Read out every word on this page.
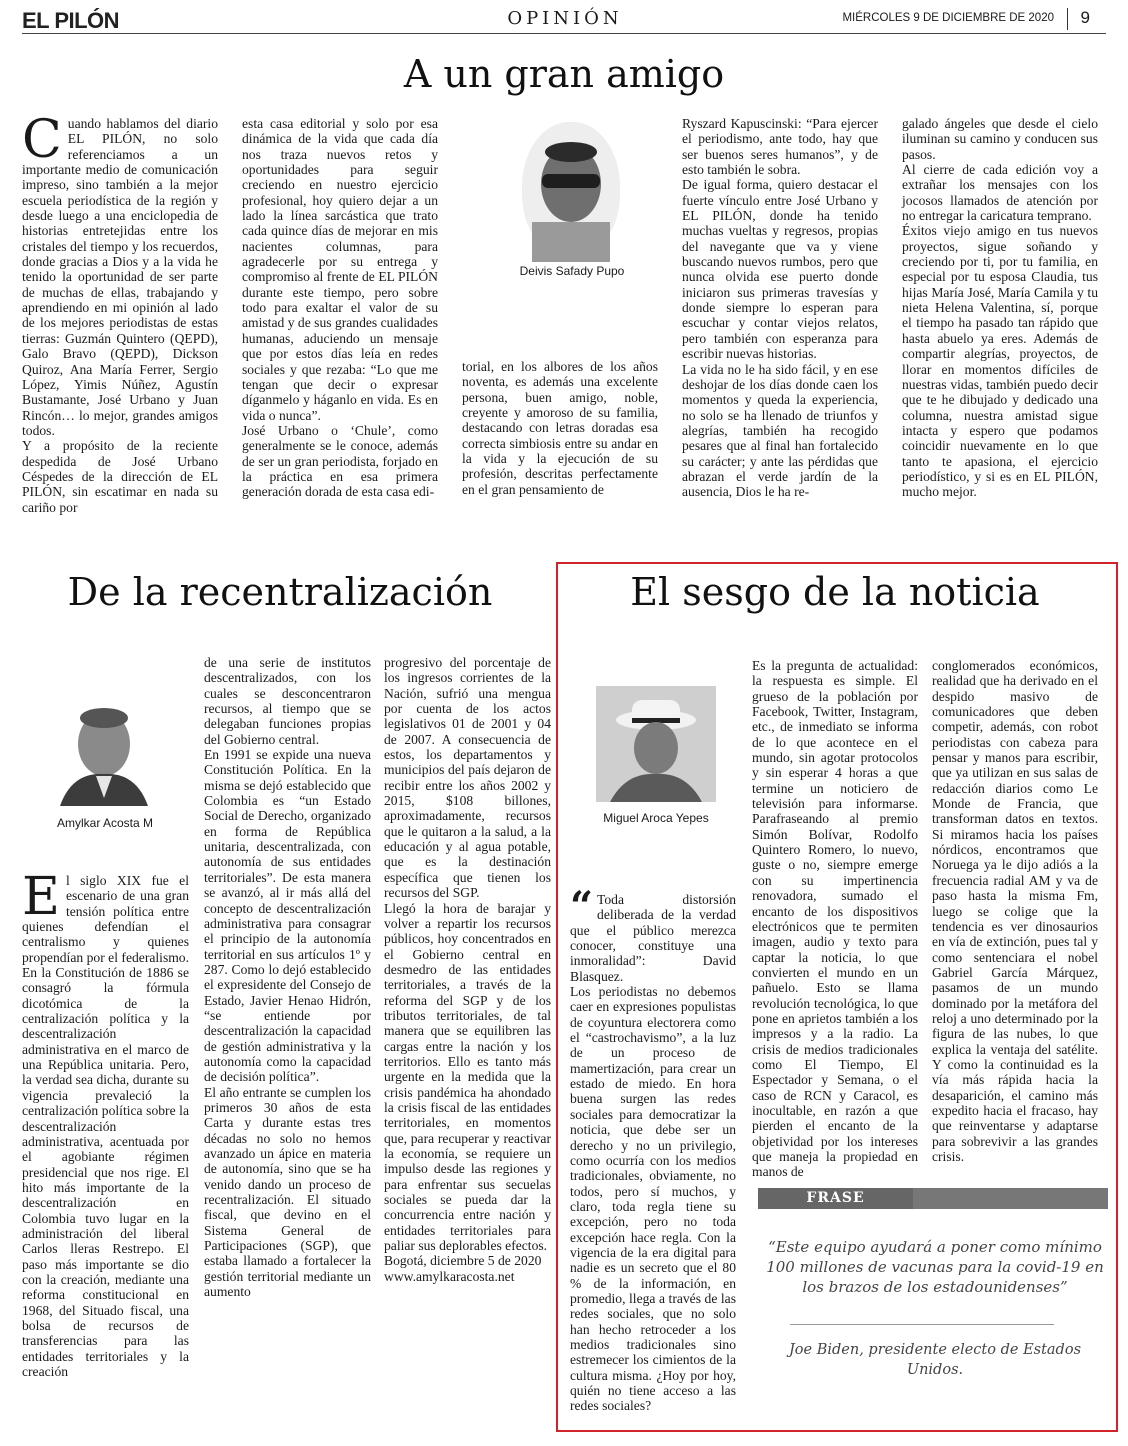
EL PILÓN	OPINIÓN	MIÉRCOLES 9 DE DICIEMBRE DE 2020 9
A un gran amigo
C uando hablamos del diario EL PILÓN, no solo referenciamos a un importante medio de comunicación impreso, sino también a la mejor escuela periodística de la región y desde luego a una enciclopedia de historias entretejidas entre los cristales del tiempo y los recuerdos, donde gracias a Dios y a la vida he tenido la oportunidad de ser parte de muchas de ellas, trabajando y aprendiendo en mi opinión al lado de los mejores periodistas de estas tierras: Guzmán Quintero (QEPD), Galo Bravo (QEPD), Dickson Quiroz, Ana María Ferrer, Sergio López, Yimis Núñez, Agustín Bustamante, José Urbano y Juan Rincón… lo mejor, grandes amigos todos.

Y a propósito de la reciente despedida de José Urbano Céspedes de la dirección de EL PILÓN, sin escatimar en nada su cariño por

esta casa editorial y solo por esa dinámica de la vida que cada día nos traza nuevos retos y oportunidades para seguir creciendo en nuestro ejercicio profesional, hoy quiero dejar a un lado la línea sarcástica que trato cada quince días de mejorar en mis nacientes columnas, para agradecerle por su entrega y compromiso al frente de EL PILÓN durante este tiempo, pero sobre todo para exaltar el valor de su amistad y de sus grandes cualidades humanas, aduciendo un mensaje que por estos días leía en redes sociales y que rezaba: “Lo que me tengan que decir o expresar díganmelo y háganlo en vida. Es en vida o nunca”.

José Urbano o ‘Chule’, como generalmente se le conoce, además de ser un gran periodista, forjado en la práctica en esa primera generación dorada de esta casa edi-

Deivis Safady Pupo

torial, en los albores de los años noventa, es además una excelente persona, buen amigo, noble, creyente y amoroso de su familia, destacando con letras doradas esa correcta simbiosis entre su andar en la vida y la ejecución de su profesión, descritas perfectamente en el gran pensamiento de

Ryszard Kapuscinski: “Para ejercer el periodismo, ante todo, hay que ser buenos seres humanos”, y de esto también le sobra.

De igual forma, quiero destacar el fuerte vínculo entre José Urbano y EL PILÓN, donde ha tenido muchas vueltas y regresos, propias del navegante que va y viene buscando nuevos rumbos, pero que nunca olvida ese puerto donde iniciaron sus primeras travesías y donde siempre lo esperan para escuchar y contar viejos relatos, pero también con esperanza para escribir nuevas historias.

La vida no le ha sido fácil, y en ese deshojar de los días donde caen los momentos y queda la experiencia, no solo se ha llenado de triunfos y alegrías, también ha recogido pesares que al final han fortalecido su carácter; y ante las pérdidas que abrazan el verde jardín de la ausencia, Dios le ha re-

galado ángeles que desde el cielo iluminan su camino y conducen sus pasos.

Al cierre de cada edición voy a extrañar los mensajes con los jocosos llamados de atención por no entregar la caricatura temprano.

Éxitos viejo amigo en tus nuevos proyectos, sigue soñando y creciendo por ti, por tu familia, en especial por tu esposa Claudia, tus hijas María José, María Camila y tu nieta Helena Valentina, sí, porque el tiempo ha pasado tan rápido que hasta abuelo ya eres. Además de compartir alegrías, proyectos, de llorar en momentos difíciles de nuestras vidas, también puedo decir que te he dibujado y dedicado una columna, nuestra amistad sigue intacta y espero que podamos coincidir nuevamente en lo que tanto te apasiona, el ejercicio periodístico, y si es en EL PILÓN, mucho mejor.

De la recentralización
Amylkar Acosta M
E l siglo XIX fue el escenario de una gran tensión política entre quienes defendían el centralismo y quienes propendían por el federalismo. En la Constitución de 1886 se consagró la fórmula dicotómica de la centralización política y la descentralización administrativa en el marco de una República unitaria. Pero, la verdad sea dicha, durante su vigencia prevaleció la centralización política sobre la descentralización administrativa, acentuada por el agobiante régimen presidencial que nos rige. El hito más importante de la descentralización en Colombia tuvo lugar en la administración del liberal Carlos lleras Restrepo. El paso más importante se dio con la creación, mediante una reforma constitucional en 1968, del Situado fiscal, una bolsa de recursos de transferencias para las entidades territoriales y la creación

de una serie de institutos descentralizados, con los cuales se desconcentraron recursos, al tiempo que se delegaban funciones propias del Gobierno central.

En 1991 se expide una nueva Constitución Política. En la misma se dejó establecido que Colombia es “un Estado Social de Derecho, organizado en forma de República unitaria, descentralizada, con autonomía de sus entidades territoriales”. De esta manera se avanzó, al ir más allá del concepto de descentralización administrativa para consagrar el principio de la autonomía territorial en sus artículos 1º y 287. Como lo dejó establecido el expresidente del Consejo de Estado, Javier Henao Hidrón, “se entiende por descentralización la capacidad de gestión administrativa y la autonomía como la capacidad de decisión política”.

El año entrante se cumplen los primeros 30 años de esta Carta y durante estas tres décadas no solo no hemos avanzado un ápice en materia de autonomía, sino que se ha venido dando un proceso de recentralización. El situado fiscal, que devino en el Sistema General de Participaciones (SGP), que estaba llamado a fortalecer la gestión territorial mediante un aumento

progresivo del porcentaje de los ingresos corrientes de la Nación, sufrió una mengua por cuenta de los actos legislativos 01 de 2001 y 04 de 2007. A consecuencia de estos, los departamentos y municipios del país dejaron de recibir entre los años 2002 y 2015, $108 billones, aproximadamente, recursos que le quitaron a la salud, a la educación y al agua potable, que es la destinación específica que tienen los recursos del SGP.

Llegó la hora de barajar y volver a repartir los recursos públicos, hoy concentrados en el Gobierno central en desmedro de las entidades territoriales, a través de la reforma del SGP y de los tributos territoriales, de tal manera que se equilibren las cargas entre la nación y los territorios. Ello es tanto más urgente en la medida que la crisis pandémica ha ahondado la crisis fiscal de las entidades territoriales, en momentos que, para recuperar y reactivar la economía, se requiere un impulso desde las regiones y para enfrentar sus secuelas sociales se pueda dar la concurrencia entre nación y entidades territoriales para paliar sus deplorables efectos.

Bogotá, diciembre 5 de 2020

www.amylkaracosta.net

El sesgo de la noticia
Miguel Aroca Yepes

“ Toda distorsión deliberada de la verdad que el público merezca conocer, constituye una inmoralidad”: David Blasquez.

Los periodistas no debemos caer en expresiones populistas de coyuntura electorera como el “castrochavismo”, a la luz de un proceso de mamertización, para crear un estado de miedo. En hora buena surgen las redes sociales para democratizar la noticia, que debe ser un derecho y no un privilegio, como ocurría con los medios tradicionales, obviamente, no todos, pero sí muchos, y claro, toda regla tiene su excepción, pero no toda excepción hace regla. Con la vigencia de la era digital para nadie es un secreto que el 80 % de la información, en promedio, llega a través de las redes sociales, que no solo han hecho retroceder a los medios tradicionales sino estremecer los cimientos de la cultura misma. ¿Hoy por hoy, quién no tiene acceso a las redes sociales?

Es la pregunta de actualidad: la respuesta es simple. El grueso de la población por Facebook, Twitter, Instagram, etc., de inmediato se informa de lo que acontece en el mundo, sin agotar protocolos y sin esperar 4 horas a que termine un noticiero de televisión para informarse. Parafraseando al premio Simón Bolívar, Rodolfo Quintero Romero, lo nuevo, guste o no, siempre emerge con su impertinencia renovadora, sumado el encanto de los dispositivos electrónicos que te permiten imagen, audio y texto para captar la noticia, lo que convierten el mundo en un pañuelo. Esto se llama revolución tecnológica, lo que pone en aprietos también a los impresos y a la radio. La crisis de medios tradicionales como El Tiempo, El Espectador y Semana, o el caso de RCN y Caracol, es inocultable, en razón a que pierden el encanto de la objetividad por los intereses que maneja la propiedad en manos de

conglomerados económicos, realidad que ha derivado en el despido masivo de comunicadores que deben competir, además, con robot periodistas con cabeza para pensar y manos para escribir, que ya utilizan en sus salas de redacción diarios como Le Monde de Francia, que transforman datos en textos. Si miramos hacia los países nórdicos, encontramos que Noruega ya le dijo adiós a la frecuencia radial AM y va de paso hasta la misma Fm, luego se colige que la tendencia es ver dinosaurios en vía de extinción, pues tal y como sentenciara el nobel Gabriel García Márquez, pasamos de un mundo dominado por la metáfora del reloj a uno determinado por la figura de las nubes, lo que explica la ventaja del satélite. Y como la continuidad es la vía más rápida hacia la desaparición, el camino más expedito hacia el fracaso, hay que reinventarse y adaptarse para sobrevivir a las grandes crisis.

FRASE
“Este equipo ayudará a poner como mínimo 100 millones de vacunas para la covid-19 en los brazos de los estadounidenses”
Joe Biden, presidente electo de Estados Unidos.
